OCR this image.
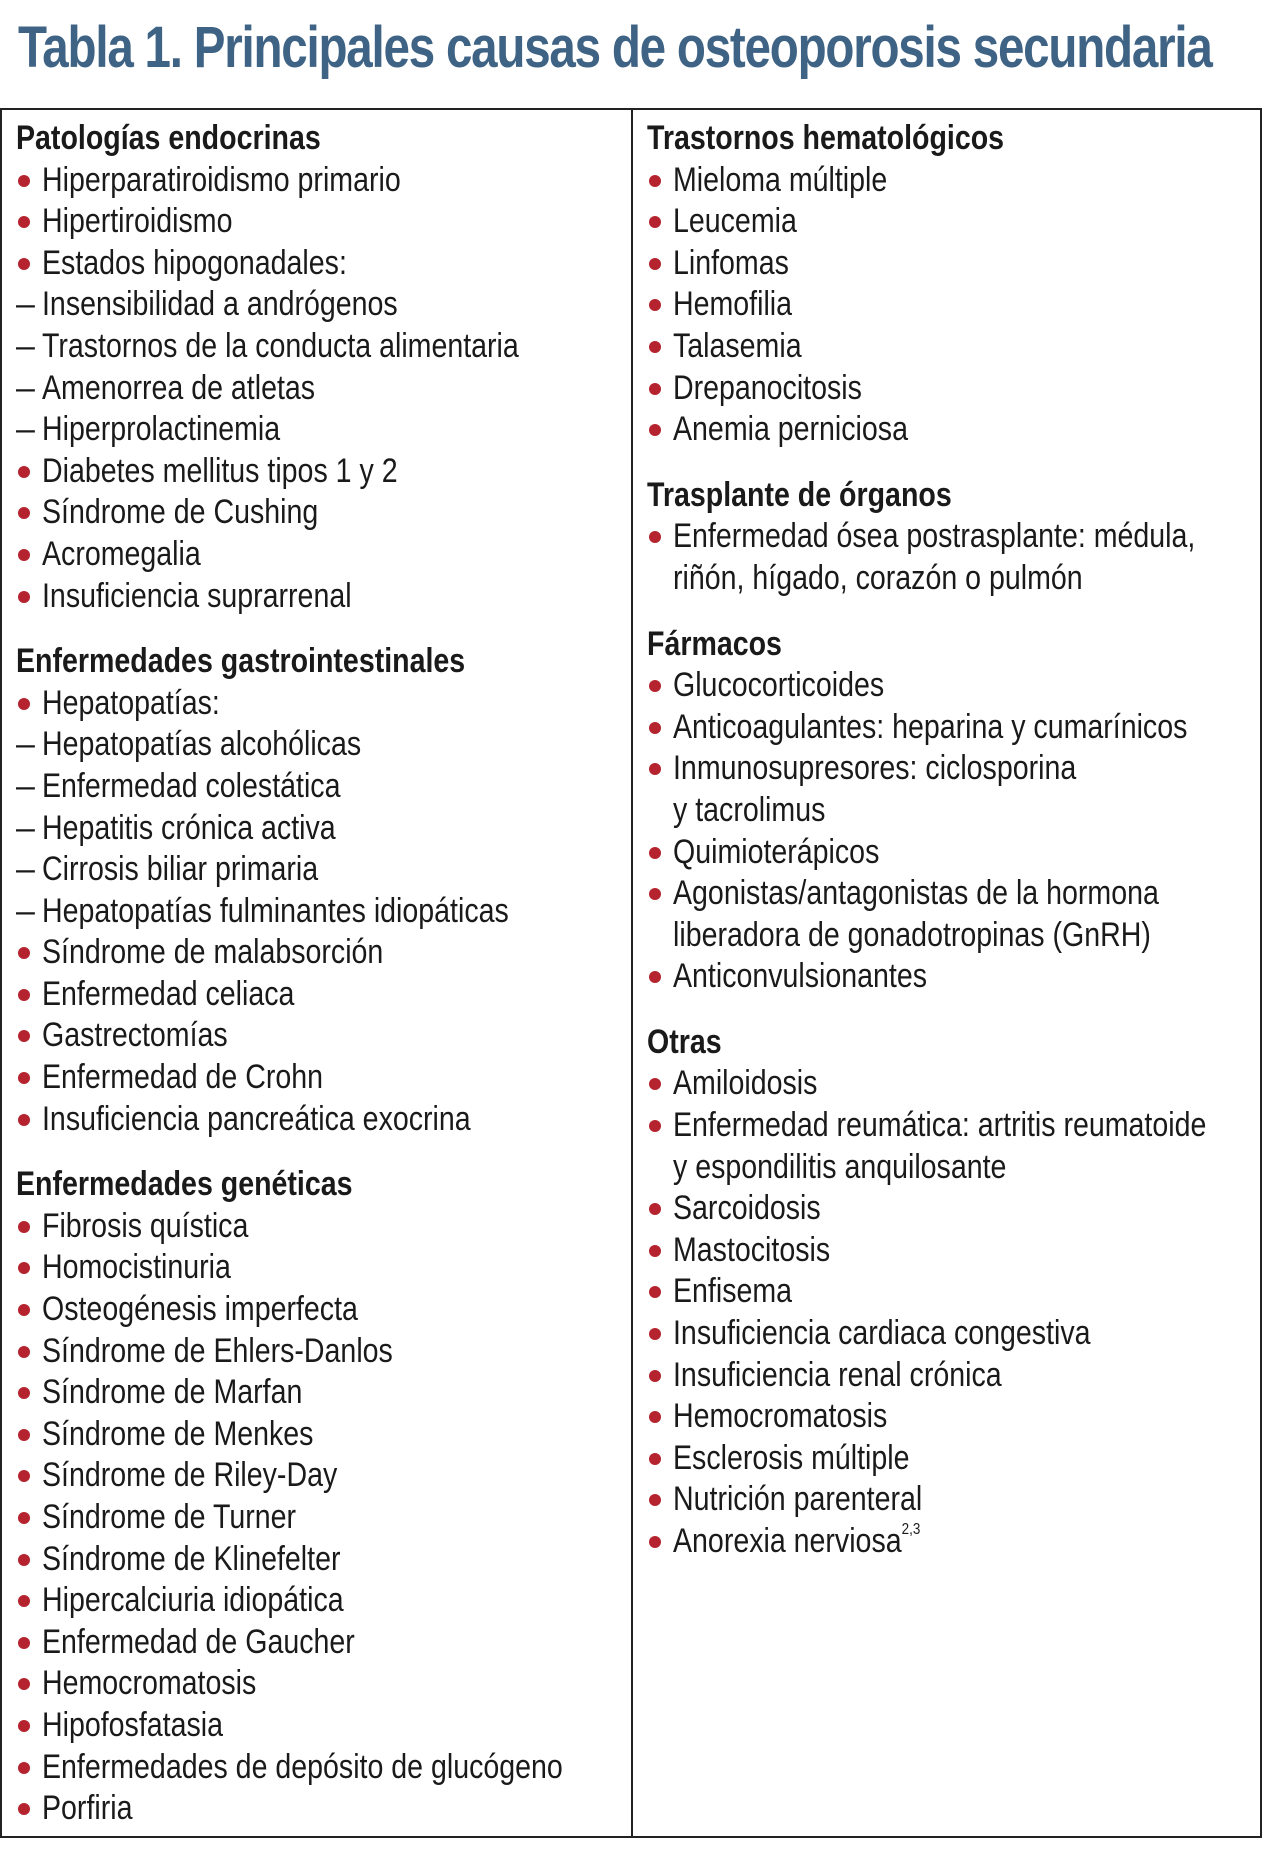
Tabla 1. Principales causas de osteoporosis secundaria
Patologías endocrinas
Hiperparatiroidismo primario
Hipertiroidismo
Estados hipogonadales:
– Insensibilidad a andrógenos
– Trastornos de la conducta alimentaria
– Amenorrea de atletas
– Hiperprolactinemia
Diabetes mellitus tipos 1 y 2
Síndrome de Cushing
Acromegalia
Insuficiencia suprarrenal
Enfermedades gastrointestinales
Hepatopatías:
– Hepatopatías alcohólicas
– Enfermedad colestática
– Hepatitis crónica activa
– Cirrosis biliar primaria
– Hepatopatías fulminantes idiopáticas
Síndrome de malabsorción
Enfermedad celiaca
Gastrectomías
Enfermedad de Crohn
Insuficiencia pancreática exocrina
Enfermedades genéticas
Fibrosis quística
Homocistinuria
Osteogénesis imperfecta
Síndrome de Ehlers-Danlos
Síndrome de Marfan
Síndrome de Menkes
Síndrome de Riley-Day
Síndrome de Turner
Síndrome de Klinefelter
Hipercalciuria idiopática
Enfermedad de Gaucher
Hemocromatosis
Hipofosfatasia
Enfermedades de depósito de glucógeno
Porfiria
Trastornos hematológicos
Mieloma múltiple
Leucemia
Linfomas
Hemofilia
Talasemia
Drepanocitosis
Anemia perniciosa
Trasplante de órganos
Enfermedad ósea postrasplante: médula,
riñón, hígado, corazón o pulmón
Fármacos
Glucocorticoides
Anticoagulantes: heparina y cumarínicos
Inmunosupresores: ciclosporina
y tacrolimus
Quimioterápicos
Agonistas/antagonistas de la hormona
liberadora de gonadotropinas (GnRH)
Anticonvulsionantes
Otras
Amiloidosis
Enfermedad reumática: artritis reumatoide
y espondilitis anquilosante
Sarcoidosis
Mastocitosis
Enfisema
Insuficiencia cardiaca congestiva
Insuficiencia renal crónica
Hemocromatosis
Esclerosis múltiple
Nutrición parenteral
Anorexia nerviosa$^{2,3}$
